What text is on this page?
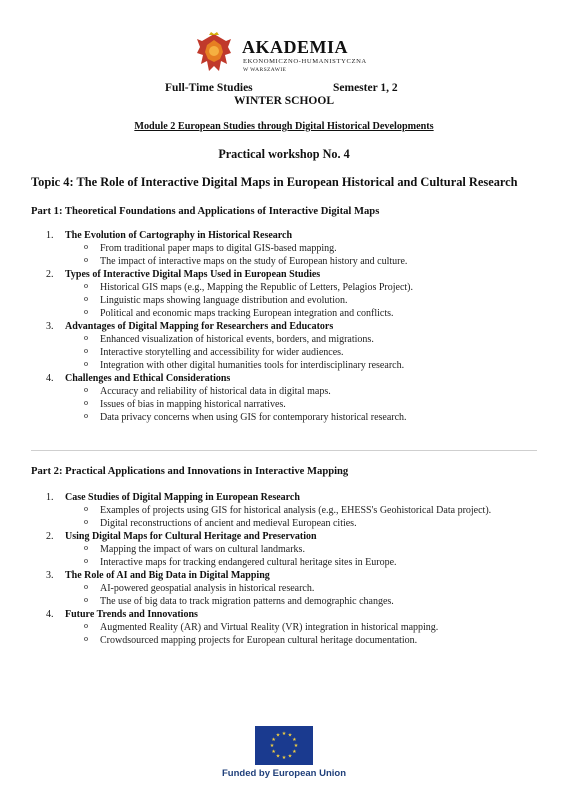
AKADEMIA
EKONOMICZNO-HUMANISTYCZNA
W WARSZAWIE
Full-Time Studies	Semester 1, 2
WINTER SCHOOL
Module 2 European Studies through Digital Historical Developments
Practical workshop No. 4
Topic 4: The Role of Interactive Digital Maps in European Historical and Cultural Research
Part 1: Theoretical Foundations and Applications of Interactive Digital Maps
1.	The Evolution of Cartography in Historical Research
o From traditional paper maps to digital GIS-based mapping.
o The impact of interactive maps on the study of European history and culture.
2.	Types of Interactive Digital Maps Used in European Studies
o Historical GIS maps (e.g., Mapping the Republic of Letters, Pelagios Project).
o Linguistic maps showing language distribution and evolution.
o Political and economic maps tracking European integration and conflicts.
3.	Advantages of Digital Mapping for Researchers and Educators
o Enhanced visualization of historical events, borders, and migrations.
o Interactive storytelling and accessibility for wider audiences.
o Integration with other digital humanities tools for interdisciplinary research.
4.	Challenges and Ethical Considerations
o Accuracy and reliability of historical data in digital maps.
o Issues of bias in mapping historical narratives.
o Data privacy concerns when using GIS for contemporary historical research.
Part 2: Practical Applications and Innovations in Interactive Mapping
1.	Case Studies of Digital Mapping in European Research
o Examples of projects using GIS for historical analysis (e.g., EHESS's Geohistorical Data project).
o Digital reconstructions of ancient and medieval European cities.
2.	Using Digital Maps for Cultural Heritage and Preservation
o Mapping the impact of wars on cultural landmarks.
o Interactive maps for tracking endangered cultural heritage sites in Europe.
3.	The Role of AI and Big Data in Digital Mapping
o AI-powered geospatial analysis in historical research.
o The use of big data to track migration patterns and demographic changes.
4.	Future Trends and Innovations
o Augmented Reality (AR) and Virtual Reality (VR) integration in historical mapping.
o Crowdsourced mapping projects for European cultural heritage documentation.
★
★
★
★
★
★
★
★
★ ★ ★
★
Funded by European Union
